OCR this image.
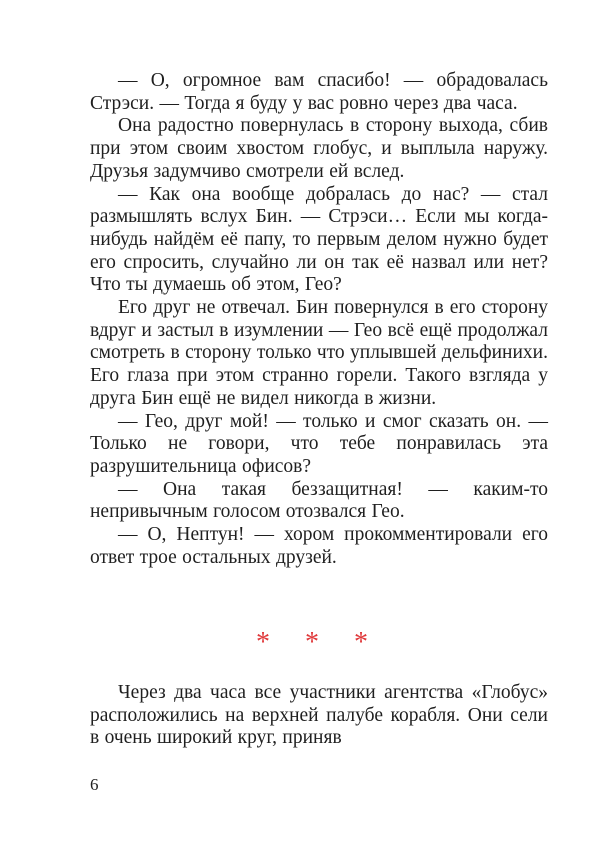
— О, огромное вам спасибо! — обрадовалась Стрэси. — Тогда я буду у вас ровно через два часа.

Она радостно повернулась в сторону выхода, сбив при этом своим хвостом глобус, и выплыла наружу. Друзья задумчиво смотрели ей вслед.

— Как она вообще добралась до нас? — стал размышлять вслух Бин. — Стрэси… Если мы когда-нибудь найдём её папу, то первым делом нужно будет его спросить, случайно ли он так её назвал или нет? Что ты думаешь об этом, Гео?

Его друг не отвечал. Бин повернулся в его сторону вдруг и застыл в изумлении — Гео всё ещё продолжал смотреть в сторону только что уплывшей дельфинихи. Его глаза при этом странно горели. Такого взгляда у друга Бин ещё не видел никогда в жизни.

— Гео, друг мой! — только и смог сказать он. — Только не говори, что тебе понравилась эта разрушительница офисов?

— Она такая беззащитная! — каким-то непривычным голосом отозвался Гео.

— О, Нептун! — хором прокомментировали его ответ трое остальных друзей.

* * *

Через два часа все участники агентства «Глобус» расположились на верхней палубе корабля. Они сели в очень широкий круг, приняв

6
